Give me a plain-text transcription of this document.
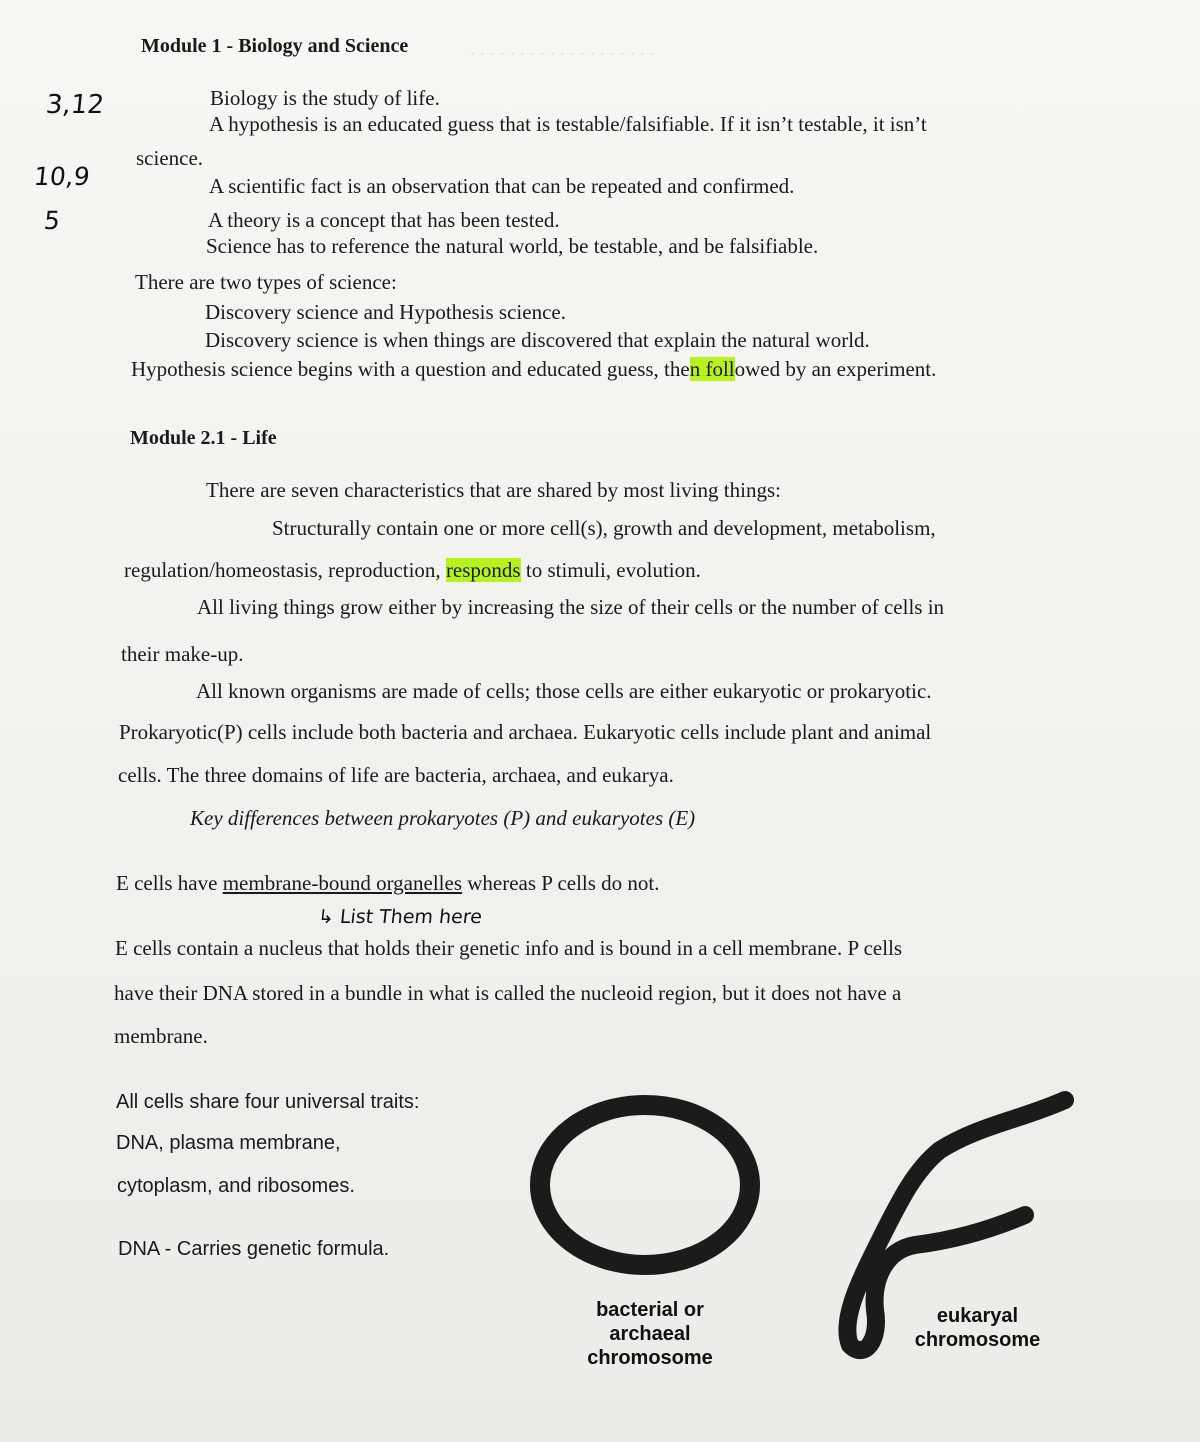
. . . . . . . . . . . . . . . . . . .
Module 1 - Biology and Science
Biology is the study of life.
A hypothesis is an educated guess that is testable/falsifiable. If it isn’t testable, it isn’t
science.
A scientific fact is an observation that can be repeated and confirmed.
A theory is a concept that has been tested.
Science has to reference the natural world, be testable, and be falsifiable.
There are two types of science:
Discovery science and Hypothesis science.
Discovery science is when things are discovered that explain the natural world.
Hypothesis science begins with a question and educated guess, then followed by an experiment.
3,12
10,9
5
Module 2.1 - Life
There are seven characteristics that are shared by most living things:
Structurally contain one or more cell(s), growth and development, metabolism,
regulation/homeostasis, reproduction, responds to stimuli, evolution.
All living things grow either by increasing the size of their cells or the number of cells in
their make-up.
All known organisms are made of cells; those cells are either eukaryotic or prokaryotic.
Prokaryotic(P) cells include both bacteria and archaea. Eukaryotic cells include plant and animal
cells. The three domains of life are bacteria, archaea, and eukarya.
Key differences between prokaryotes (P) and eukaryotes (E)
E cells have membrane-bound organelles whereas P cells do not.
↳ List Them here
E cells contain a nucleus that holds their genetic info and is bound in a cell membrane. P cells
have their DNA stored in a bundle in what is called the nucleoid region, but it does not have a
membrane.
All cells share four universal traits:
DNA, plasma membrane,
cytoplasm, and ribosomes.
DNA - Carries genetic formula.
bacterial or
archaeal
chromosome
eukaryal
chromosome
